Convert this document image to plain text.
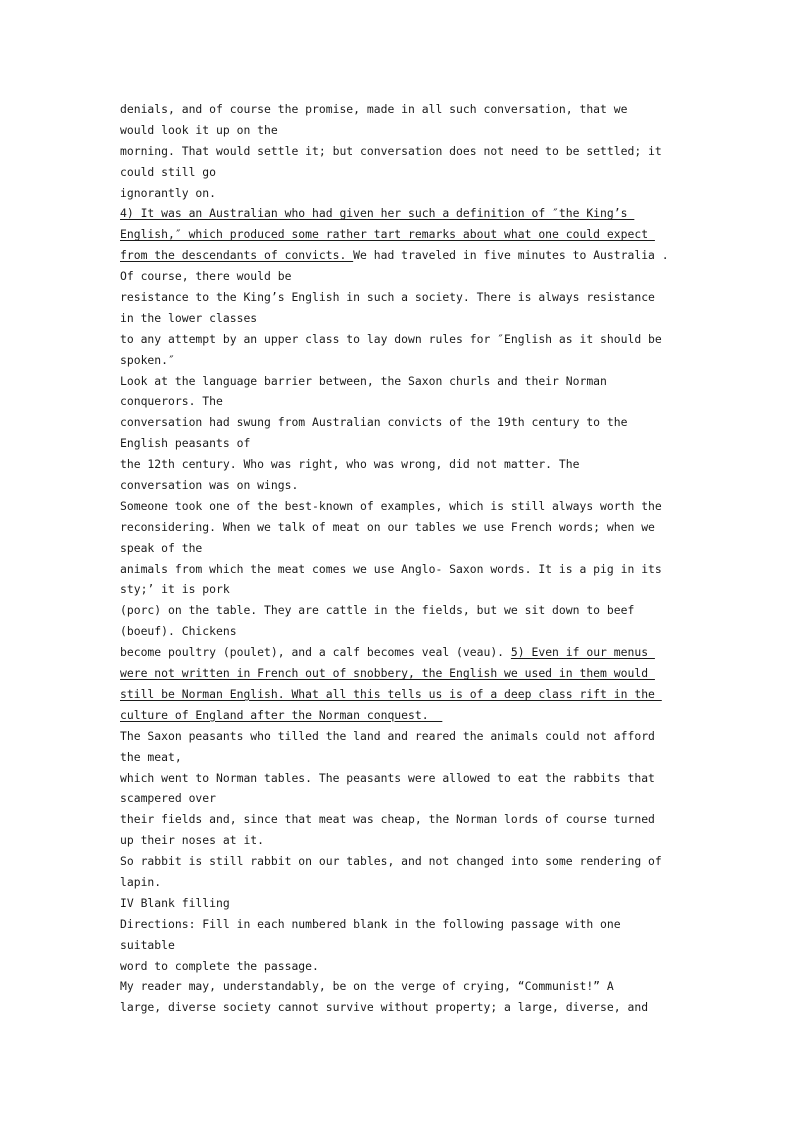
denials, and of course the promise, made in all such conversation, that we
would look it up on the
morning. That would settle it; but conversation does not need to be settled; it
could still go
ignorantly on.
4) It was an Australian who had given her such a definition of ″the King’s
English,″ which produced some rather tart remarks about what one could expect
from the descendants of convicts. We had traveled in five minutes to Australia .
Of course, there would be
resistance to the King’s English in such a society. There is always resistance
in the lower classes
to any attempt by an upper class to lay down rules for ″English as it should be
spoken.″
Look at the language barrier between, the Saxon churls and their Norman
conquerors. The
conversation had swung from Australian convicts of the 19th century to the
English peasants of
the 12th century. Who was right, who was wrong, did not matter. The
conversation was on wings.
Someone took one of the best-known of examples, which is still always worth the
reconsidering. When we talk of meat on our tables we use French words; when we
speak of the
animals from which the meat comes we use Anglo- Saxon words. It is a pig in its
sty;’ it is pork
(porc) on the table. They are cattle in the fields, but we sit down to beef
(boeuf). Chickens
become poultry (poulet), and a calf becomes veal (veau). 5) Even if our menus
were not written in French out of snobbery, the English we used in them would
still be Norman English. What all this tells us is of a deep class rift in the
culture of England after the Norman conquest.
The Saxon peasants who tilled the land and reared the animals could not afford
the meat,
which went to Norman tables. The peasants were allowed to eat the rabbits that
scampered over
their fields and, since that meat was cheap, the Norman lords of course turned
up their noses at it.
So rabbit is still rabbit on our tables, and not changed into some rendering of
lapin.
IV Blank filling
Directions: Fill in each numbered blank in the following passage with one
suitable
word to complete the passage.
My reader may, understandably, be on the verge of crying, “Communist!” A
large, diverse society cannot survive without property; a large, diverse, and
